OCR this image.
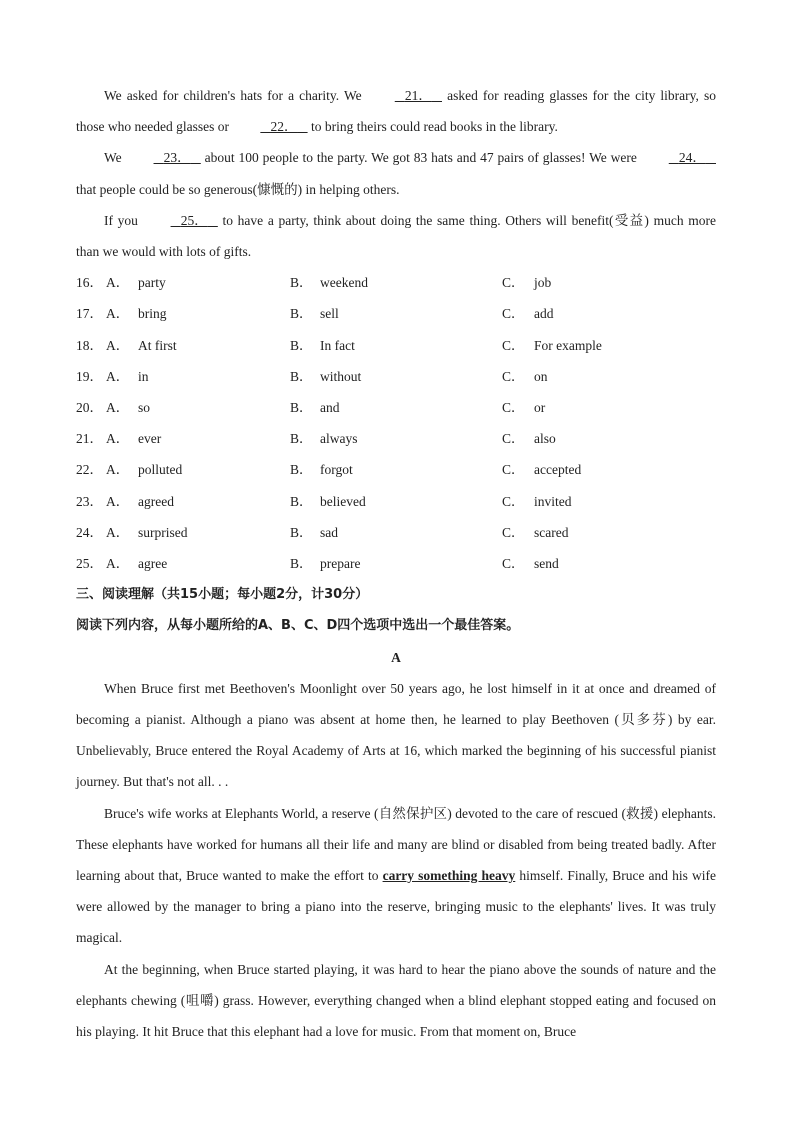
We asked for children's hats for a charity. We	21．    asked for reading glasses for the city library, so those who needed glasses or	22．    to bring theirs could read books in the library.

We	23．    about 100 people to the party. We got 83 hats and 47 pairs of glasses! We were	24．    that people could be so generous(慷慨的) in helping others.

If you	25．    to have a party, think about doing the same thing. Others will benefit(受益) much more than we would with lots of gifts.

16． A． party	B． weekend	C． job
17． A． bring	B． sell	C． add
18． A． At first	B． In fact	C． For example
19． A． in	B． without	C． on
20． A． so	B． and	C． or
21． A． ever	B． always	C． also
22． A． polluted	B． forgot	C． accepted
23． A． agreed	B． believed	C． invited
24． A． surprised	B． sad	C． scared
25． A． agree	B． prepare	C． send

三、阅读理解（共15小题；每小题2分，计30分）

阅读下列内容，从每小题所给的A、B、C、D四个选项中选出一个最佳答案。

A

When Bruce first met Beethoven's Moonlight over 50 years ago, he lost himself in it at once and dreamed of becoming a pianist. Although a piano was absent at home then, he learned to play Beethoven (贝多芬) by ear. Unbelievably, Bruce entered the Royal Academy of Arts at 16, which marked the beginning of his successful pianist journey. But that's not all. . .

Bruce's wife works at Elephants World, a reserve (自然保护区) devoted to the care of rescued (救援) elephants. These elephants have worked for humans all their life and many are blind or disabled from being treated badly. After learning about that, Bruce wanted to make the effort to carry something heavy himself. Finally, Bruce and his wife were allowed by the manager to bring a piano into the reserve, bringing music to the elephants' lives. It was truly magical.

At the beginning, when Bruce started playing, it was hard to hear the piano above the sounds of nature and the elephants chewing (咀嚼) grass. However, everything changed when a blind elephant stopped eating and focused on his playing. It hit Bruce that this elephant had a love for music. From that moment on, Bruce
